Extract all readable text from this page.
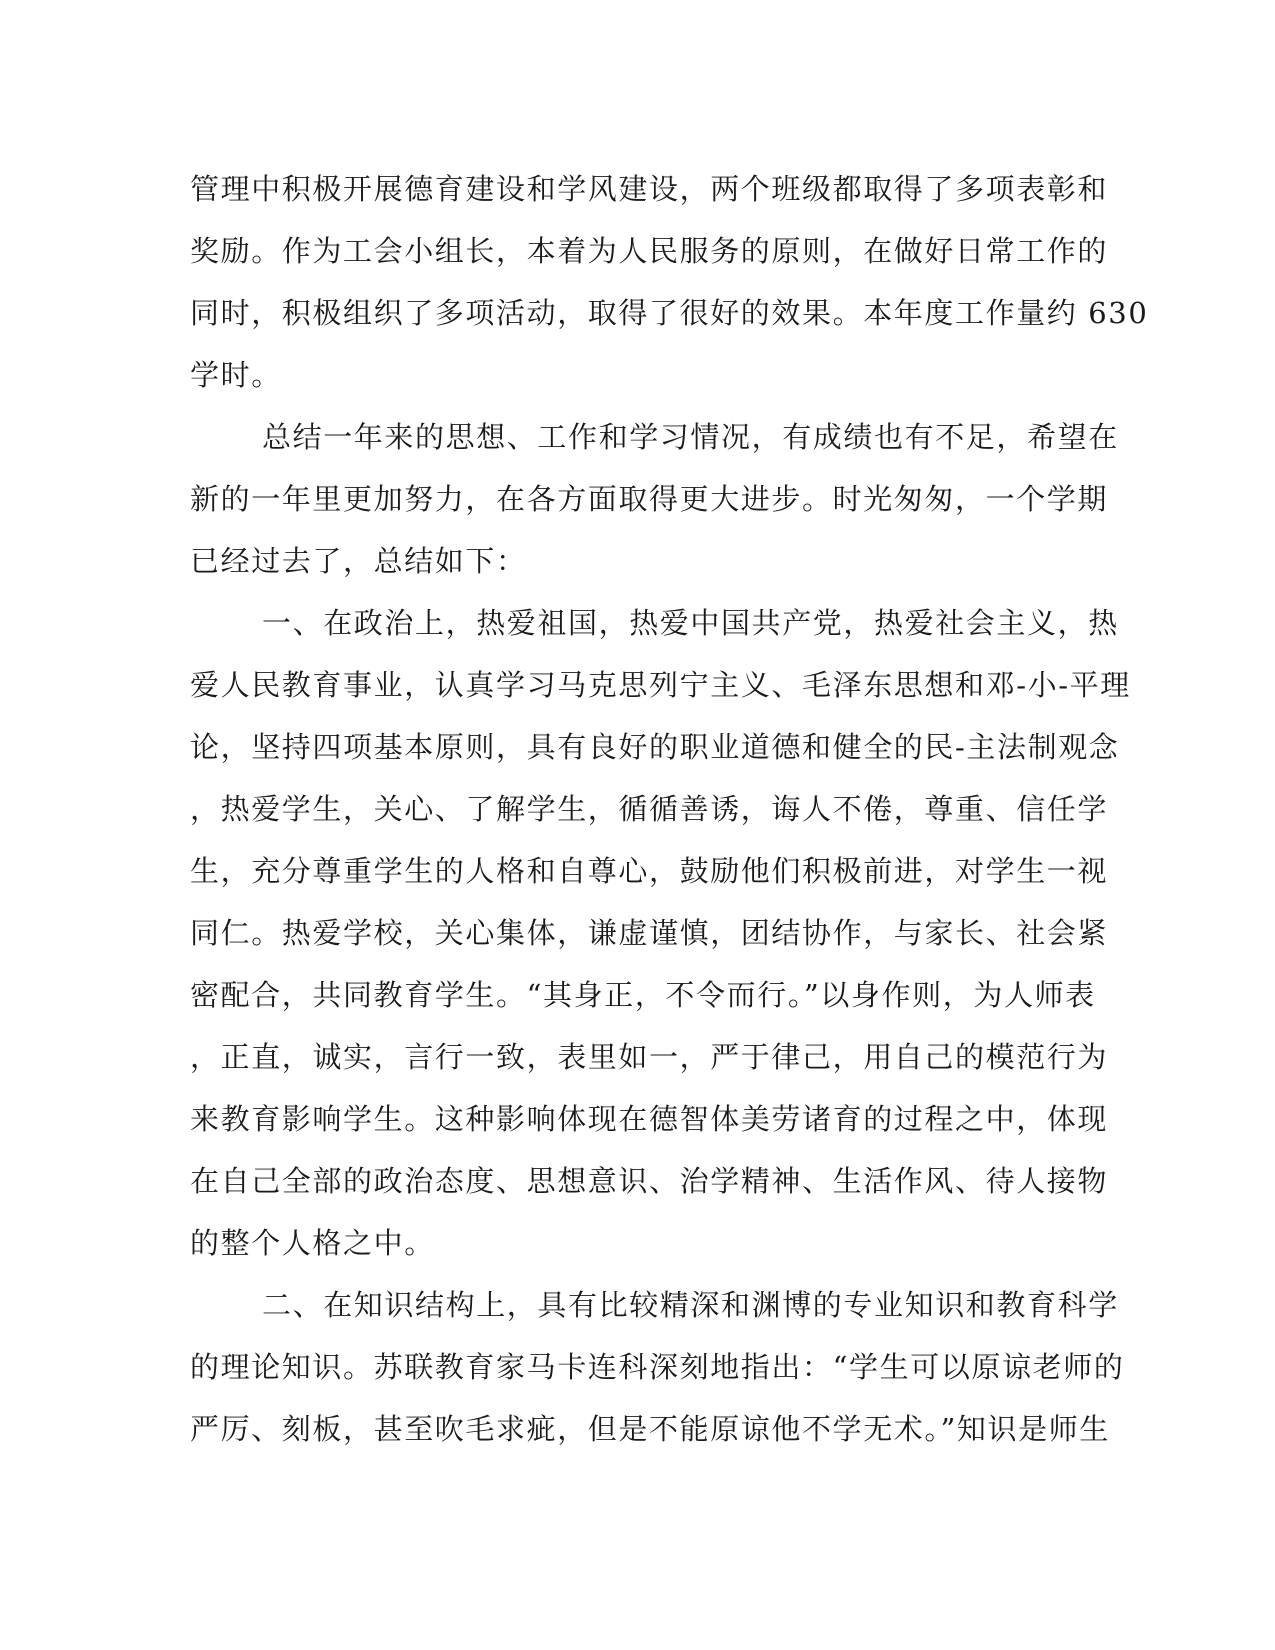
管理中积极开展德育建设和学风建设，两个班级都取得了多项表彰和
奖励。作为工会小组长，本着为人民服务的原则，在做好日常工作的
同时，积极组织了多项活动，取得了很好的效果。本年度工作量约 630
学时。
总结一年来的思想、工作和学习情况，有成绩也有不足，希望在
新的一年里更加努力，在各方面取得更大进步。时光匆匆，一个学期
已经过去了，总结如下：
一、在政治上，热爱祖国，热爱中国共产党，热爱社会主义，热
爱人民教育事业，认真学习马克思列宁主义、毛泽东思想和邓-小-平理
论，坚持四项基本原则，具有良好的职业道德和健全的民-主法制观念
，热爱学生，关心、了解学生，循循善诱，诲人不倦，尊重、信任学
生，充分尊重学生的人格和自尊心，鼓励他们积极前进，对学生一视
同仁。热爱学校，关心集体，谦虚谨慎，团结协作，与家长、社会紧
密配合，共同教育学生。“其身正，不令而行。”以身作则，为人师表
，正直，诚实，言行一致，表里如一，严于律己，用自己的模范行为
来教育影响学生。这种影响体现在德智体美劳诸育的过程之中，体现
在自己全部的政治态度、思想意识、治学精神、生活作风、待人接物
的整个人格之中。
二、在知识结构上，具有比较精深和渊博的专业知识和教育科学
的理论知识。苏联教育家马卡连科深刻地指出：“学生可以原谅老师的
严厉、刻板，甚至吹毛求疵，但是不能原谅他不学无术。”知识是师生
